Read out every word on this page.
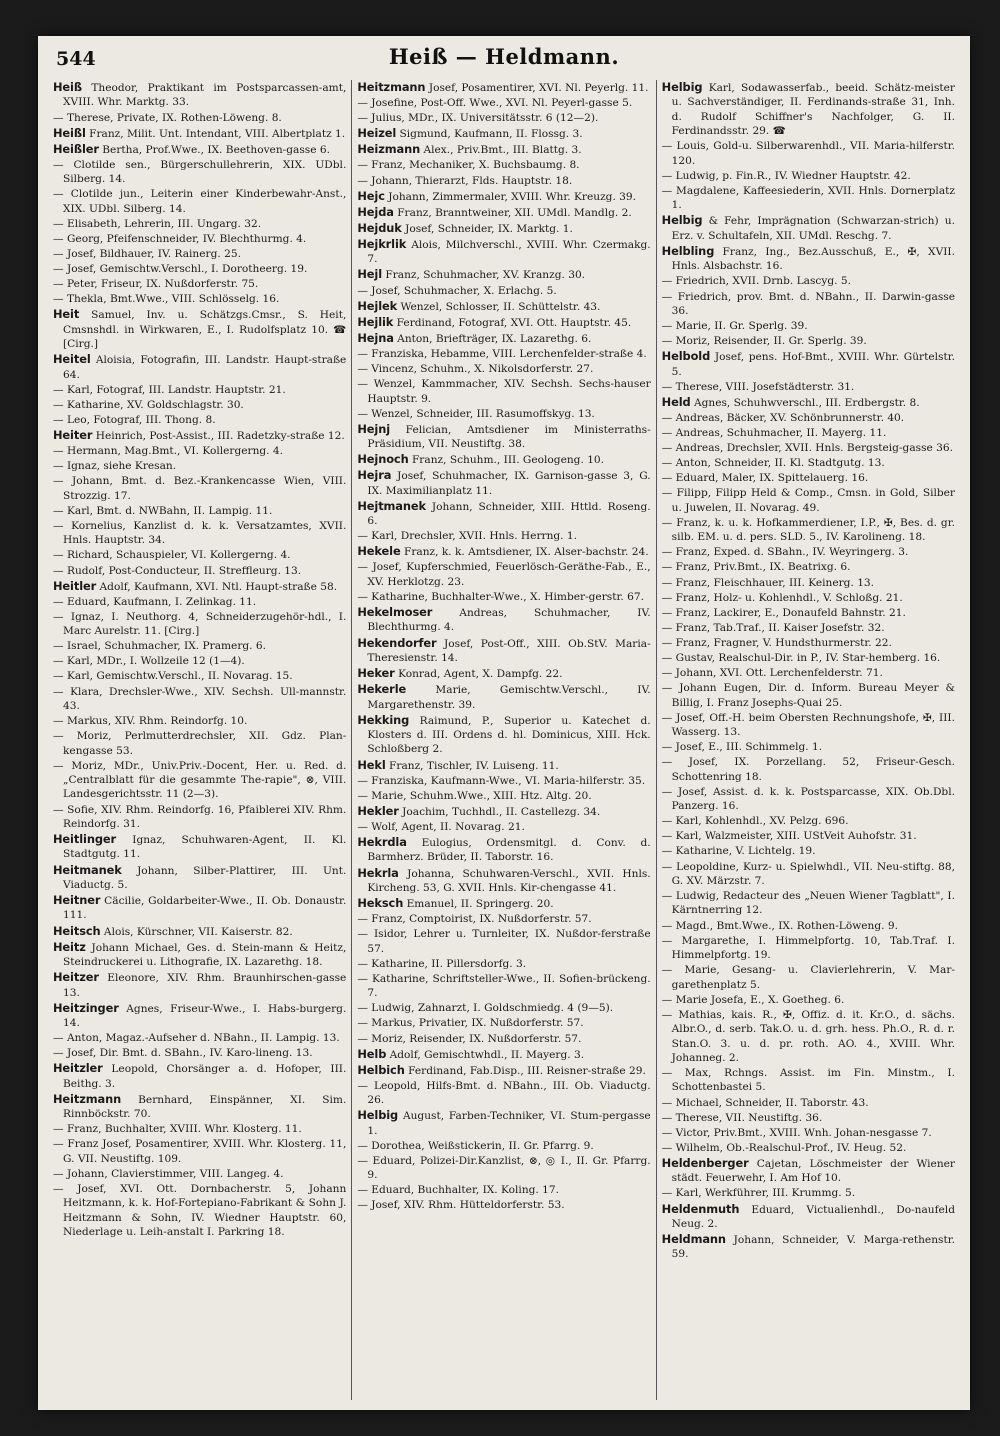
544	Heiß — Heldmann.

Heiß Theodor, Praktikant im Postsparcassen-amt, XVIII. Whr. Marktg. 33.

— Therese, Private, IX. Rothen-Löweng. 8.

Heißl Franz, Milit. Unt. Intendant, VIII. Albertplatz 1.

Heißler Bertha, Prof.Wwe., IX. Beethoven-gasse 6.

— Clotilde sen., Bürgerschullehrerin, XIX. UDbl. Silberg. 14.

— Clotilde jun., Leiterin einer Kinderbewahr-Anst., XIX. UDbl. Silberg. 14.

— Elisabeth, Lehrerin, III. Ungarg. 32.

— Georg, Pfeifenschneider, IV. Blechthurmg. 4.

— Josef, Bildhauer, IV. Rainerg. 25.

— Josef, Gemischtw.Verschl., I. Dorotheerg. 19.

— Peter, Friseur, IX. Nußdorferstr. 75.

— Thekla, Bmt.Wwe., VIII. Schlösselg. 16.

Heit Samuel, Inv. u. Schätzgs.Cmsr., S. Heit, Cmsnshdl. in Wirkwaren, E., I. Rudolfsplatz 10. ☎ [Cirg.]

Heitel Aloisia, Fotografin, III. Landstr. Haupt-straße 64.

— Karl, Fotograf, III. Landstr. Hauptstr. 21.

— Katharine, XV. Goldschlagstr. 30.

— Leo, Fotograf, III. Thong. 8.

Heiter Heinrich, Post-Assist., III. Radetzky-straße 12.

— Hermann, Mag.Bmt., VI. Kollergerng. 4.

— Ignaz, siehe Kresan.

— Johann, Bmt. d. Bez.-Krankencasse Wien, VIII. Strozzig. 17.

— Karl, Bmt. d. NWBahn, II. Lampig. 11.

— Kornelius, Kanzlist d. k. k. Versatzamtes, XVII. Hnls. Hauptstr. 34.

— Richard, Schauspieler, VI. Kollergerng. 4.

— Rudolf, Post-Conducteur, II. Streffleurg. 13.

Heitler Adolf, Kaufmann, XVI. Ntl. Haupt-straße 58.

— Eduard, Kaufmann, I. Zelinkag. 11.

— Ignaz, I. Neuthorg. 4, Schneiderzugehör-hdl., I. Marc Aurelstr. 11. [Cirg.]

— Israel, Schuhmacher, IX. Pramerg. 6.

— Karl, MDr., I. Wollzeile 12 (1—4).

— Karl, Gemischtw.Verschl., II. Novarag. 15.

— Klara, Drechsler-Wwe., XIV. Sechsh. Ull-mannstr. 43.

— Markus, XIV. Rhm. Reindorfg. 10.

— Moriz, Perlmutterdrechsler, XII. Gdz. Plan-kengasse 53.

— Moriz, MDr., Univ.Priv.-Docent, Her. u. Red. d. „Centralblatt für die gesammte The-rapie", ⊗, VIII. Landesgerichtsstr. 11 (2—3).

— Sofie, XIV. Rhm. Reindorfg. 16, Pfaiblerei XIV. Rhm. Reindorfg. 31.

Heitlinger Ignaz, Schuhwaren-Agent, II. Kl. Stadtgutg. 11.

Heitmanek Johann, Silber-Plattirer, III. Unt. Viaductg. 5.

Heitner Cäcilie, Goldarbeiter-Wwe., II. Ob. Donaustr. 111.

Heitsch Alois, Kürschner, VII. Kaiserstr. 82.

Heitz Johann Michael, Ges. d. Stein-mann & Heitz, Steindruckerei u. Lithografie, IX. Lazarethg. 18.

Heitzer Eleonore, XIV. Rhm. Braunhirschen-gasse 13.

Heitzinger Agnes, Friseur-Wwe., I. Habs-burgerg. 14.

— Anton, Magaz.-Aufseher d. NBahn., II. Lampig. 13.

— Josef, Dir. Bmt. d. SBahn., IV. Karo-lineng. 13.

Heitzler Leopold, Chorsänger a. d. Hofoper, III. Beithg. 3.

Heitzmann Bernhard, Einspänner, XI. Sim. Rinnböckstr. 70.

— Franz, Buchhalter, XVIII. Whr. Klosterg. 11.

— Franz Josef, Posamentirer, XVIII. Whr. Klosterg. 11, G. VII. Neustiftg. 109.

— Johann, Clavierstimmer, VIII. Langeg. 4.

— Josef, XVI. Ott. Dornbacherstr. 5, Johann Heitzmann, k. k. Hof-Fortepiano-Fabrikant & Sohn J. Heitzmann & Sohn, IV. Wiedner Hauptstr. 60, Niederlage u. Leih-anstalt I. Parkring 18.

Heitzmann Josef, Posamentirer, XVI. Nl. Peyerlg. 11.

— Josefine, Post-Off. Wwe., XVI. Nl. Peyerl-gasse 5.

— Julius, MDr., IX. Universitätsstr. 6 (12—2).

Heizel Sigmund, Kaufmann, II. Flossg. 3.

Heizmann Alex., Priv.Bmt., III. Blattg. 3.

— Franz, Mechaniker, X. Buchsbaumg. 8.

— Johann, Thierarzt, Flds. Hauptstr. 18.

Hejc Johann, Zimmermaler, XVIII. Whr. Kreuzg. 39.

Hejda Franz, Branntweiner, XII. UMdl. Mandlg. 2.

Hejduk Josef, Schneider, IX. Marktg. 1.

Hejkrlik Alois, Milchverschl., XVIII. Whr. Czermakg. 7.

Hejl Franz, Schuhmacher, XV. Kranzg. 30.

— Josef, Schuhmacher, X. Erlachg. 5.

Hejlek Wenzel, Schlosser, II. Schüttelstr. 43.

Hejlik Ferdinand, Fotograf, XVI. Ott. Hauptstr. 45.

Hejna Anton, Briefträger, IX. Lazarethg. 6.

— Franziska, Hebamme, VIII. Lerchenfelder-straße 4.

— Vincenz, Schuhm., X. Nikolsdorferstr. 27.

— Wenzel, Kammmacher, XIV. Sechsh. Sechs-hauser Hauptstr. 9.

— Wenzel, Schneider, III. Rasumoffskyg. 13.

Hejnj Felician, Amtsdiener im Ministerraths-Präsidium, VII. Neustiftg. 38.

Hejnoch Franz, Schuhm., III. Geologeng. 10.

Hejra Josef, Schuhmacher, IX. Garnison-gasse 3, G. IX. Maximilianplatz 11.

Hejtmanek Johann, Schneider, XIII. Httld. Roseng. 6.

— Karl, Drechsler, XVII. Hnls. Herrng. 1.

Hekele Franz, k. k. Amtsdiener, IX. Alser-bachstr. 24.

— Josef, Kupferschmied, Feuerlösch-Geräthe-Fab., E., XV. Herklotzg. 23.

— Katharine, Buchhalter-Wwe., X. Himber-gerstr. 67.

Hekelmoser Andreas, Schuhmacher, IV. Blechthurmg. 4.

Hekendorfer Josef, Post-Off., XIII. Ob.StV. Maria-Theresienstr. 14.

Heker Konrad, Agent, X. Dampfg. 22.

Hekerle Marie, Gemischtw.Verschl., IV. Margarethenstr. 39.

Hekking Raimund, P., Superior u. Katechet d. Klosters d. III. Ordens d. hl. Dominicus, XIII. Hck. Schloßberg 2.

Hekl Franz, Tischler, IV. Luiseng. 11.

— Franziska, Kaufmann-Wwe., VI. Maria-hilferstr. 35.

— Marie, Schuhm.Wwe., XIII. Htz. Altg. 20.

Hekler Joachim, Tuchhdl., II. Castellezg. 34.

— Wolf, Agent, II. Novarag. 21.

Hekrdla Eulogius, Ordensmitgl. d. Conv. d. Barmherz. Brüder, II. Taborstr. 16.

Hekrla Johanna, Schuhwaren-Verschl., XVII. Hnls. Kircheng. 53, G. XVII. Hnls. Kir-chengasse 41.

Heksch Emanuel, II. Springerg. 20.

— Franz, Comptoirist, IX. Nußdorferstr. 57.

— Isidor, Lehrer u. Turnleiter, IX. Nußdor-ferstraße 57.

— Katharine, II. Pillersdorfg. 3.

— Katharine, Schriftsteller-Wwe., II. Sofien-brückeng. 7.

— Ludwig, Zahnarzt, I. Goldschmiedg. 4 (9—5).

— Markus, Privatier, IX. Nußdorferstr. 57.

— Moriz, Reisender, IX. Nußdorferstr. 57.

Helb Adolf, Gemischtwhdl., II. Mayerg. 3.

Helbich Ferdinand, Fab.Disp., III. Reisner-straße 29.

— Leopold, Hilfs-Bmt. d. NBahn., III. Ob. Viaductg. 26.

Helbig August, Farben-Techniker, VI. Stum-pergasse 1.

— Dorothea, Weißstickerin, II. Gr. Pfarrg. 9.

— Eduard, Polizei-Dir.Kanzlist, ⊗, ◎ I., II. Gr. Pfarrg. 9.

— Eduard, Buchhalter, IX. Koling. 17.

— Josef, XIV. Rhm. Hütteldorferstr. 53.

Helbig Karl, Sodawasserfab., beeid. Schätz-meister u. Sachverständiger, II. Ferdinands-straße 31, Inh. d. Rudolf Schiffner's Nachfolger, G. II. Ferdinandsstr. 29. ☎

— Louis, Gold-u. Silberwarenhdl., VII. Maria-hilferstr. 120.

— Ludwig, p. Fin.R., IV. Wiedner Hauptstr. 42.

— Magdalene, Kaffeesiederin, XVII. Hnls. Dornerplatz 1.

Helbig & Fehr, Imprägnation (Schwarzan-strich) u. Erz. v. Schultafeln, XII. UMdl. Reschg. 7.

Helbling Franz, Ing., Bez.Ausschuß, E., ✠, XVII. Hnls. Alsbachstr. 16.

— Friedrich, XVII. Drnb. Lascyg. 5.

— Friedrich, prov. Bmt. d. NBahn., II. Darwin-gasse 36.

— Marie, II. Gr. Sperlg. 39.

— Moriz, Reisender, II. Gr. Sperlg. 39.

Helbold Josef, pens. Hof-Bmt., XVIII. Whr. Gürtelstr. 5.

— Therese, VIII. Josefstädterstr. 31.

Held Agnes, Schuhwverschl., III. Erdbergstr. 8.

— Andreas, Bäcker, XV. Schönbrunnerstr. 40.

— Andreas, Schuhmacher, II. Mayerg. 11.

— Andreas, Drechsler, XVII. Hnls. Bergsteig-gasse 36.

— Anton, Schneider, II. Kl. Stadtgutg. 13.

— Eduard, Maler, IX. Spittelauerg. 16.

— Filipp, Filipp Held & Comp., Cmsn. in Gold, Silber u. Juwelen, II. Novarag. 49.

— Franz, k. u. k. Hofkammerdiener, I.P., ✠, Bes. d. gr. silb. EM. u. d. pers. SLD. 5., IV. Karolineng. 18.

— Franz, Exped. d. SBahn., IV. Weyringerg. 3.

— Franz, Priv.Bmt., IX. Beatrixg. 6.

— Franz, Fleischhauer, III. Keinerg. 13.

— Franz, Holz- u. Kohlenhdl., V. Schloßg. 21.

— Franz, Lackirer, E., Donaufeld Bahnstr. 21.

— Franz, Tab.Traf., II. Kaiser Josefstr. 32.

— Franz, Fragner, V. Hundsthurmerstr. 22.

— Gustav, Realschul-Dir. in P., IV. Star-hemberg. 16.

— Johann, XVI. Ott. Lerchenfelderstr. 71.

— Johann Eugen, Dir. d. Inform. Bureau Meyer & Billig, I. Franz Josephs-Quai 25.

— Josef, Off.-H. beim Obersten Rechnungshofe, ✠, III. Wasserg. 13.

— Josef, E., III. Schimmelg. 1.

— Josef, IX. Porzellang. 52, Friseur-Gesch. Schottenring 18.

— Josef, Assist. d. k. k. Postsparcasse, XIX. Ob.Dbl. Panzerg. 16.

— Karl, Kohlenhdl., XV. Pelzg. 696.

— Karl, Walzmeister, XIII. UStVeit Auhofstr. 31.

— Katharine, V. Lichtelg. 19.

— Leopoldine, Kurz- u. Spielwhdl., VII. Neu-stiftg. 88, G. XV. Märzstr. 7.

— Ludwig, Redacteur des „Neuen Wiener Tagblatt", I. Kärntnerring 12.

— Magd., Bmt.Wwe., IX. Rothen-Löweng. 9.

— Margarethe, I. Himmelpfortg. 10, Tab.Traf. I. Himmelpfortg. 19.

— Marie, Gesang- u. Clavierlehrerin, V. Mar-garethenplatz 5.

— Marie Josefa, E., X. Goetheg. 6.

— Mathias, kais. R., ✠, Offiz. d. it. Kr.O., d. sächs. Albr.O., d. serb. Tak.O. u. d. grh. hess. Ph.O., R. d. r. Stan.O. 3. u. d. pr. roth. AO. 4., XVIII. Whr. Johanneg. 2.

— Max, Rchngs. Assist. im Fin. Minstm., I. Schottenbastei 5.

— Michael, Schneider, II. Taborstr. 43.

— Therese, VII. Neustiftg. 36.

— Victor, Priv.Bmt., XVIII. Wnh. Johan-nesgasse 7.

— Wilhelm, Ob.-Realschul-Prof., IV. Heug. 52.

Heldenberger Cajetan, Löschmeister der Wiener städt. Feuerwehr, I. Am Hof 10.

— Karl, Werkführer, III. Krummg. 5.

Heldenmuth Eduard, Victualienhdl., Do-naufeld Neug. 2.

Heldmann Johann, Schneider, V. Marga-rethenstr. 59.
